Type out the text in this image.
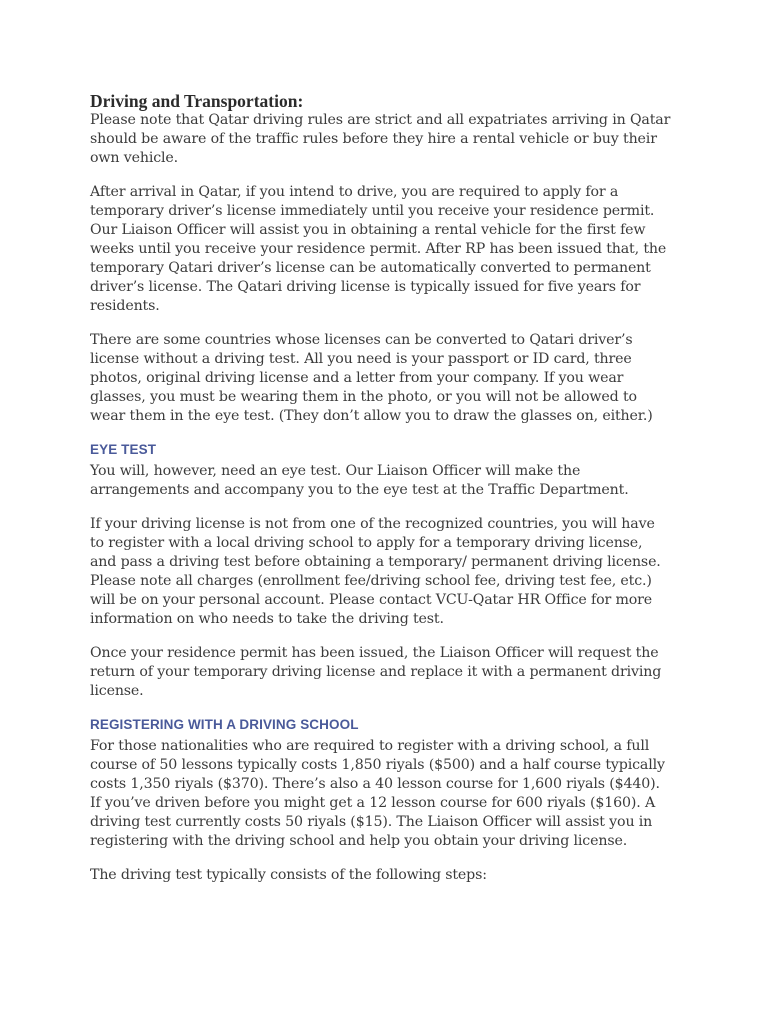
Driving and Transportation:

Please note that Qatar driving rules are strict and all expatriates arriving in Qatar should be aware of the traffic rules before they hire a rental vehicle or buy their own vehicle.

After arrival in Qatar, if you intend to drive, you are required to apply for a temporary driver’s license immediately until you receive your residence permit. Our Liaison Officer will assist you in obtaining a rental vehicle for the first few weeks until you receive your residence permit. After RP has been issued that, the temporary Qatari driver’s license can be automatically converted to permanent driver’s license. The Qatari driving license is typically issued for five years for residents.

There are some countries whose licenses can be converted to Qatari driver’s license without a driving test. All you need is your passport or ID card, three photos, original driving license and a letter from your company. If you wear glasses, you must be wearing them in the photo, or you will not be allowed to wear them in the eye test. (They don’t allow you to draw the glasses on, either.)

EYE TEST

You will, however, need an eye test. Our Liaison Officer will make the arrangements and accompany you to the eye test at the Traffic Department.

If your driving license is not from one of the recognized countries, you will have to register with a local driving school to apply for a temporary driving license, and pass a driving test before obtaining a temporary/ permanent driving license. Please note all charges (enrollment fee/driving school fee, driving test fee, etc.) will be on your personal account. Please contact VCU-Qatar HR Office for more information on who needs to take the driving test.

Once your residence permit has been issued, the Liaison Officer will request the return of your temporary driving license and replace it with a permanent driving license.

REGISTERING WITH A DRIVING SCHOOL

For those nationalities who are required to register with a driving school, a full course of 50 lessons typically costs 1,850 riyals ($500) and a half course typically costs 1,350 riyals ($370). There’s also a 40 lesson course for 1,600 riyals ($440). If you’ve driven before you might get a 12 lesson course for 600 riyals ($160). A driving test currently costs 50 riyals ($15). The Liaison Officer will assist you in registering with the driving school and help you obtain your driving license.

The driving test typically consists of the following steps:
